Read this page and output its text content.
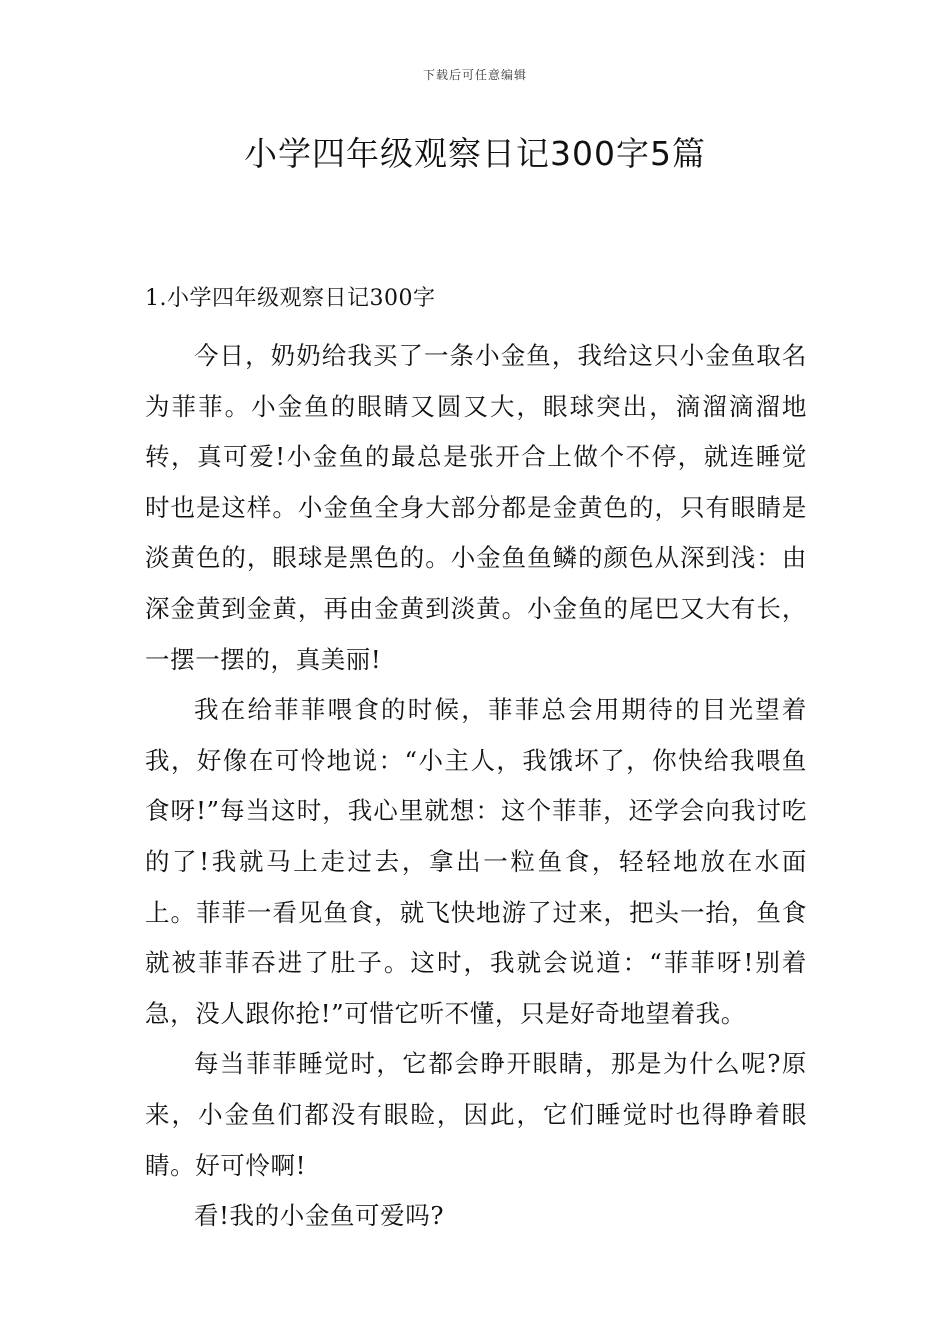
下载后可任意编辑
小学四年级观察日记300字5篇
1.小学四年级观察日记300字

今日，奶奶给我买了一条小金鱼，我给这只小金鱼取名为菲菲。小金鱼的眼睛又圆又大，眼球突出，滴溜滴溜地转，真可爱!小金鱼的最总是张开合上做个不停，就连睡觉时也是这样。小金鱼全身大部分都是金黄色的，只有眼睛是淡黄色的，眼球是黑色的。小金鱼鱼鳞的颜色从深到浅：由深金黄到金黄，再由金黄到淡黄。小金鱼的尾巴又大有长，一摆一摆的，真美丽!

我在给菲菲喂食的时候，菲菲总会用期待的目光望着我，好像在可怜地说：“小主人，我饿坏了，你快给我喂鱼食呀!”每当这时，我心里就想：这个菲菲，还学会向我讨吃的了!我就马上走过去，拿出一粒鱼食，轻轻地放在水面上。菲菲一看见鱼食，就飞快地游了过来，把头一抬，鱼食就被菲菲吞进了肚子。这时，我就会说道：“菲菲呀!别着急，没人跟你抢!”可惜它听不懂，只是好奇地望着我。

每当菲菲睡觉时，它都会睁开眼睛，那是为什么呢?原来，小金鱼们都没有眼睑，因此，它们睡觉时也得睁着眼睛。好可怜啊!

看!我的小金鱼可爱吗?
